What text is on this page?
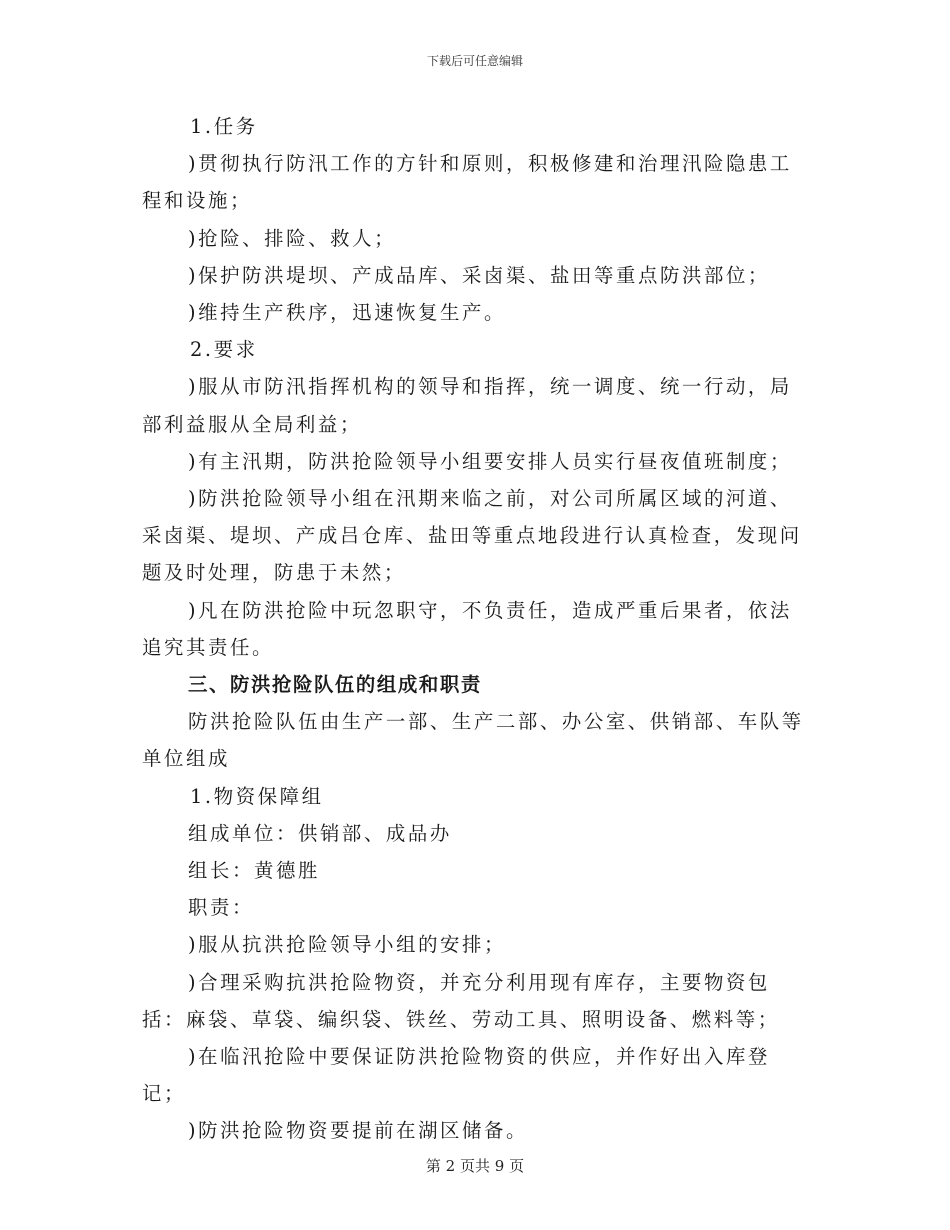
下载后可任意编辑

1.任务

)贯彻执行防汛工作的方针和原则，积极修建和治理汛险隐患工程和设施；

)抢险、排险、救人；

)保护防洪堤坝、产成品库、采卤渠、盐田等重点防洪部位；

)维持生产秩序，迅速恢复生产。

2.要求

)服从市防汛指挥机构的领导和指挥，统一调度、统一行动，局部利益服从全局利益；

)有主汛期，防洪抢险领导小组要安排人员实行昼夜值班制度；

)防洪抢险领导小组在汛期来临之前，对公司所属区域的河道、采卤渠、堤坝、产成吕仓库、盐田等重点地段进行认真检查，发现问题及时处理，防患于未然；

)凡在防洪抢险中玩忽职守，不负责任，造成严重后果者，依法追究其责任。

三、防洪抢险队伍的组成和职责

防洪抢险队伍由生产一部、生产二部、办公室、供销部、车队等单位组成

1.物资保障组

组成单位：供销部、成品办

组长：黄德胜

职责：

)服从抗洪抢险领导小组的安排；

)合理采购抗洪抢险物资，并充分利用现有库存，主要物资包括：麻袋、草袋、编织袋、铁丝、劳动工具、照明设备、燃料等；

)在临汛抢险中要保证防洪抢险物资的供应，并作好出入库登记；

)防洪抢险物资要提前在湖区储备。

第 2 页共 9 页
